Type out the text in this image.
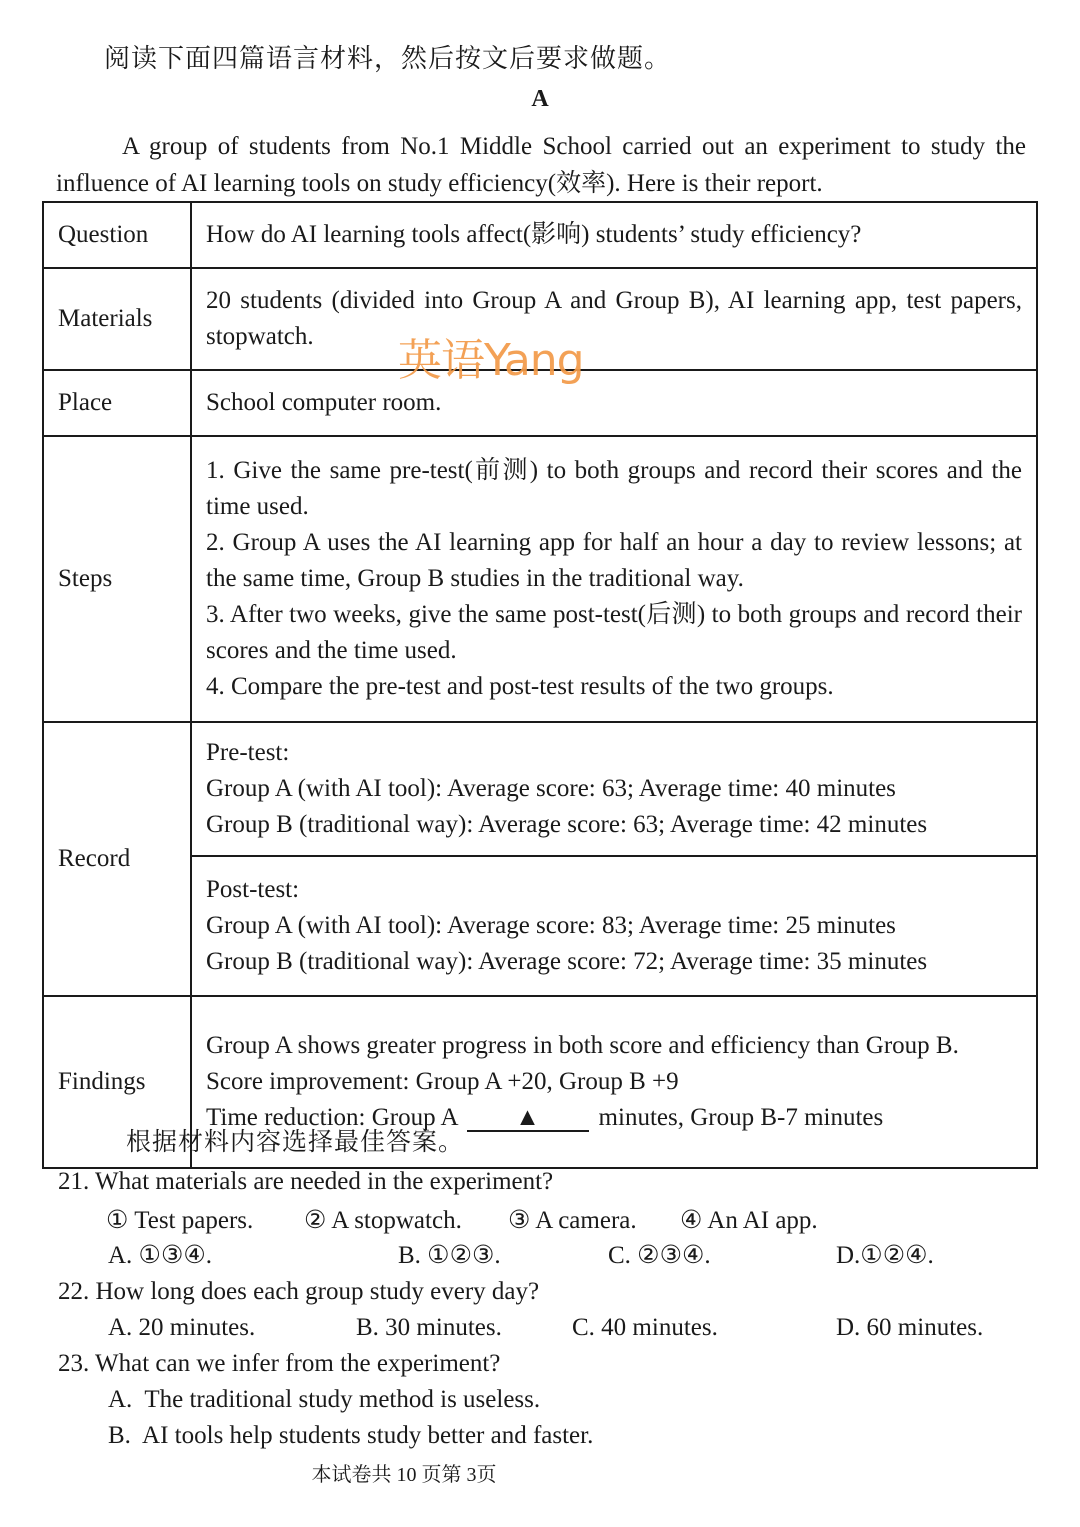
阅读下面四篇语言材料，然后按文后要求做题。

A

A group of students from No.1 Middle School carried out an experiment to study the influence of AI learning tools on study efficiency(效率). Here is their report.

Question	How do AI learning tools affect(影响) students’ study efficiency?
Materials	20 students (divided into Group A and Group B), AI learning app, test papers, stopwatch.
Place	School computer room.
Steps	1. Give the same pre-test(前测) to both groups and record their scores and the time used.
2. Group A uses the AI learning app for half an hour a day to review lessons; at the same time, Group B studies in the traditional way.
3. After two weeks, give the same post-test(后测) to both groups and record their scores and the time used.
4. Compare the pre-test and post-test results of the two groups.

Record	Pre-test:
Group A (with AI tool): Average score: 63; Average time: 40 minutes
Group B (traditional way): Average score: 63; Average time: 42 minutes

	Post-test:
Group A (with AI tool): Average score: 83; Average time: 25 minutes
Group B (traditional way): Average score: 72; Average time: 35 minutes

Findings	Group A shows greater progress in both score and efficiency than Group B.
Score improvement: Group A +20, Group B +9
Time reduction: Group A ▲ minutes, Group B-7 minutes
英语Yang

根据材料内容选择最佳答案。

21. What materials are needed in the experiment?

① Test papers. ② A stopwatch. ③ A camera. ④ An AI app.
A. ①③④.	B. ①②③.	C. ②③④.	D.①②④.

22. How long does each group study every day?

A. 20 minutes.	B. 30 minutes.	C. 40 minutes.	D. 60 minutes.

23. What can we infer from the experiment?

A.  The traditional study method is useless.
B.  AI tools help students study better and faster.

本试卷共 10 页第 3页
